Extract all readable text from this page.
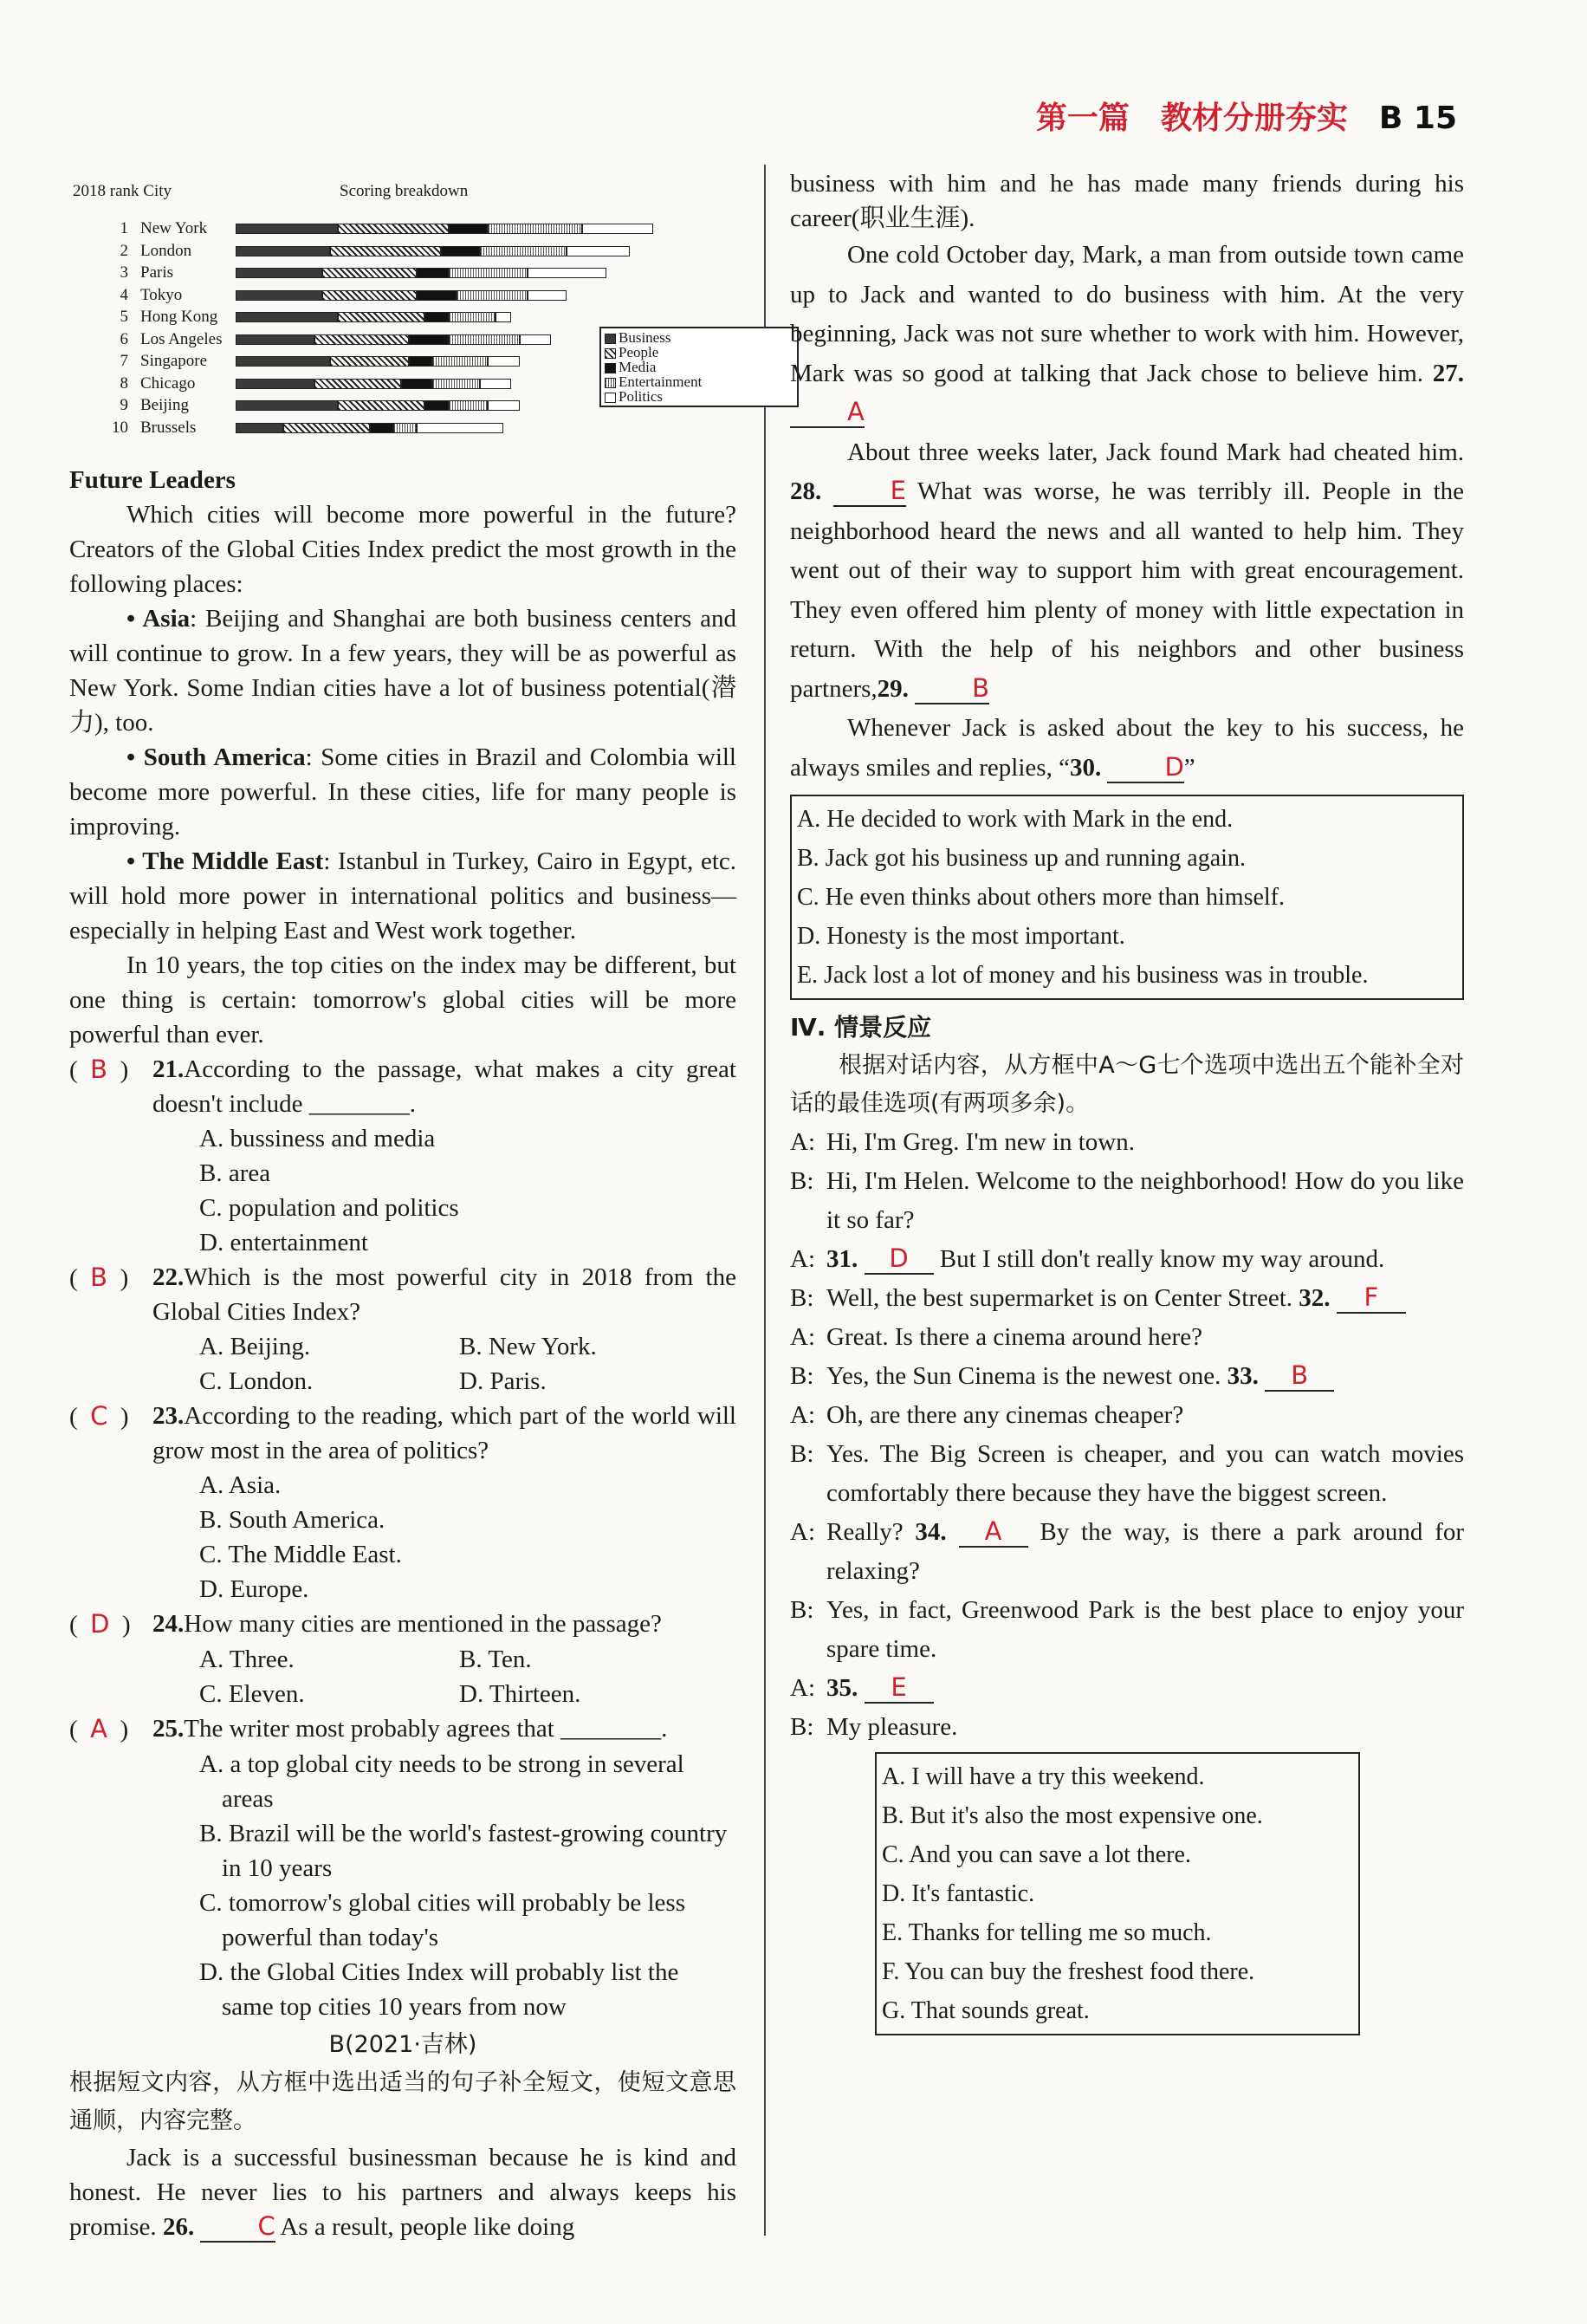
第一篇 教材分册夯实 B 15
2018 rank City	Scoring breakdown
1 New York
2 London
3 Paris
4 Tokyo
5 Hong Kong
6 Los Angeles
7 Singapore
8 Chicago
9 Beijing
10 Brussels
Business
People
Media
Entertainment
Politics

Future Leaders

Which cities will become more powerful in the future? Creators of the Global Cities Index predict the most growth in the following places:

• Asia: Beijing and Shanghai are both business centers and will continue to grow. In a few years, they will be as powerful as New York. Some Indian cities have a lot of business potential(潜力), too.

• South America: Some cities in Brazil and Colombia will become more powerful. In these cities, life for many people is improving.

• The Middle East: Istanbul in Turkey, Cairo in Egypt, etc. will hold more power in international politics and business—especially in helping East and West work together.

In 10 years, the top cities on the index may be different, but one thing is certain: tomorrow's global cities will be more powerful than ever.

(  B  ) 21.According to the passage, what makes a city great doesn't include ________.
A. bussiness and media
B. area
C. population and politics
D. entertainment
(  B  ) 22.Which is the most powerful city in 2018 from the Global Cities Index?
A. Beijing.	B. New York.
C. London.	D. Paris.
(  C  ) 23.According to the reading, which part of the world will grow most in the area of politics?
A. Asia.
B. South America.
C. The Middle East.
D. Europe.
(  D  ) 24.How many cities are mentioned in the passage?
A. Three.	B. Ten.
C. Eleven.	D. Thirteen.
(  A  ) 25.The writer most probably agrees that ________.
A. a top global city needs to be strong in several areas
B. Brazil will be the world's fastest-growing country in 10 years
C. tomorrow's global cities will probably be less powerful than today's
D. the Global Cities Index will probably list the same top cities 10 years from now

B(2021·吉林)

根据短文内容，从方框中选出适当的句子补全短文，使短文意思通顺，内容完整。

Jack is a successful businessman because he is kind and honest. He never lies to his partners and always keeps his promise. 26.	C As a result, people like doing

business with him and he has made many friends during his career(职业生涯).

One cold October day, Mark, a man from outside town came up to Jack and wanted to do business with him. At the very beginning, Jack was not sure whether to work with him. However, Mark was so good at talking that Jack chose to believe him. 27. A

About three weeks later, Jack found Mark had cheated him. 28.	E What was worse, he was terribly ill. People in the neighborhood heard the news and all wanted to help him. They went out of their way to support him with great encouragement. They even offered him plenty of money with little expectation in return. With the help of his neighbors and other business partners,29.	B

Whenever Jack is asked about the key to his success, he always smiles and replies, “30.	D”

A. He decided to work with Mark in the end.

B. Jack got his business up and running again.

C. He even thinks about others more than himself.

D. Honesty is the most important.

E. Jack lost a lot of money and his business was in trouble.

Ⅳ. 情景反应

根据对话内容，从方框中A～G七个选项中选出五个能补全对话的最佳选项(有两项多余)。

A: Hi, I'm Greg. I'm new in town.
B: Hi, I'm Helen. Welcome to the neighborhood! How do you like it so far?
A: 31. D But I still don't really know my way around.
B: Well, the best supermarket is on Center Street. 32. F
A: Great. Is there a cinema around here?
B: Yes, the Sun Cinema is the newest one. 33. B
A: Oh, are there any cinemas cheaper?
B: Yes. The Big Screen is cheaper, and you can watch movies comfortably there because they have the biggest screen.
A: Really? 34. A By the way, is there a park around for relaxing?
B: Yes, in fact, Greenwood Park is the best place to enjoy your spare time.
A: 35. E
B: My pleasure.

A. I will have a try this weekend.

B. But it's also the most expensive one.

C. And you can save a lot there.

D. It's fantastic.

E. Thanks for telling me so much.

F. You can buy the freshest food there.

G. That sounds great.
